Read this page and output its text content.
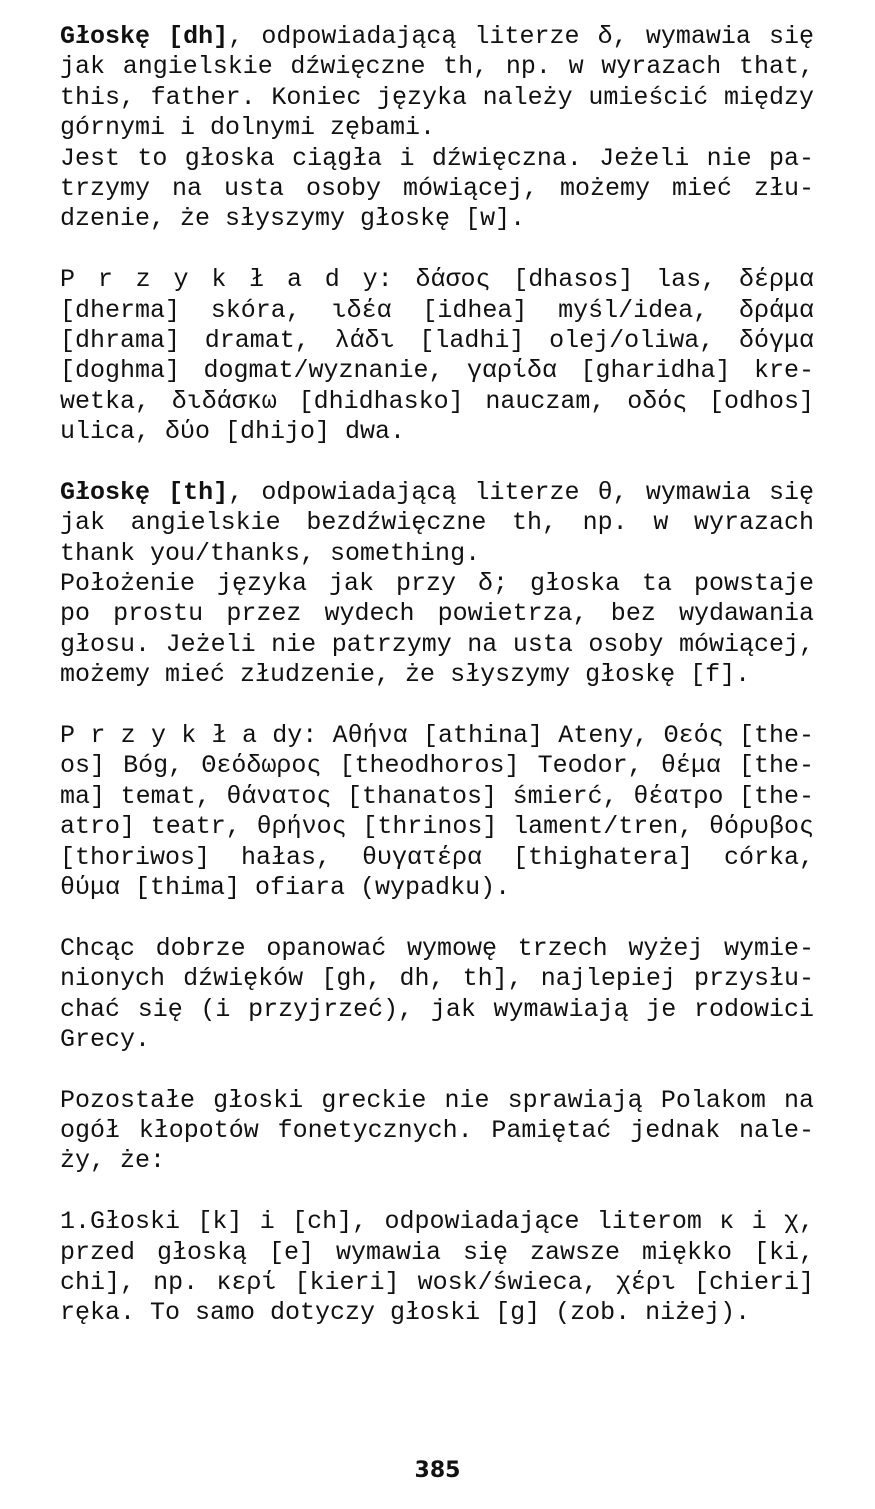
Głoskę [dh], odpowiadającą literze δ, wymawia się
jak angielskie dźwięczne th, np. w wyrazach that,
this, father. Koniec języka należy umieścić między
górnymi i dolnymi zębami.
Jest to głoska ciągła i dźwięczna. Jeżeli nie pa-
trzymy na usta osoby mówiącej, możemy mieć złu-
dzenie, że słyszymy głoskę [w].
P r z y k ł a d y: δάσος [dhasos] las, δέρμα
[dherma] skóra, ιδέα [idhea] myśl/idea, δράμα
[dhrama] dramat, λάδι [ladhi] olej/oliwa, δόγμα
[doghma] dogmat/wyznanie, γαρίδα [gharidha] kre-
wetka, διδάσκω [dhidhasko] nauczam, οδός [odhos]
ulica, δύο [dhijo] dwa.
Głoskę [th], odpowiadającą literze θ, wymawia się
jak angielskie bezdźwięczne th, np. w wyrazach
thank you/thanks, something.
Położenie języka jak przy δ; głoska ta powstaje
po prostu przez wydech powietrza, bez wydawania
głosu. Jeżeli nie patrzymy na usta osoby mówiącej,
możemy mieć złudzenie, że słyszymy głoskę [f].
P r z y k ł a dy: Αθήνα [athina] Ateny, Θεός [the-
os] Bóg, Θεόδωρος [theodhoros] Teodor, θέμα [the-
ma] temat, θάνατος [thanatos] śmierć, θέατρο [the-
atro] teatr, θρήνος [thrinos] lament/tren, θόρυβος
[thoriwos] hałas, θυγατέρα [thighatera] córka,
θύμα [thima] ofiara (wypadku).
Chcąc dobrze opanować wymowę trzech wyżej wymie-
nionych dźwięków [gh, dh, th], najlepiej przysłu-
chać się (i przyjrzeć), jak wymawiają je rodowici
Grecy.
Pozostałe głoski greckie nie sprawiają Polakom na
ogół kłopotów fonetycznych. Pamiętać jednak nale-
ży, że:
1.Głoski [k] i [ch], odpowiadające literom κ i χ,
przed głoską [e] wymawia się zawsze miękko [ki,
chi], np. κερί [kieri] wosk/świeca, χέρι [chieri]
ręka. To samo dotyczy głoski [g] (zob. niżej).
385
